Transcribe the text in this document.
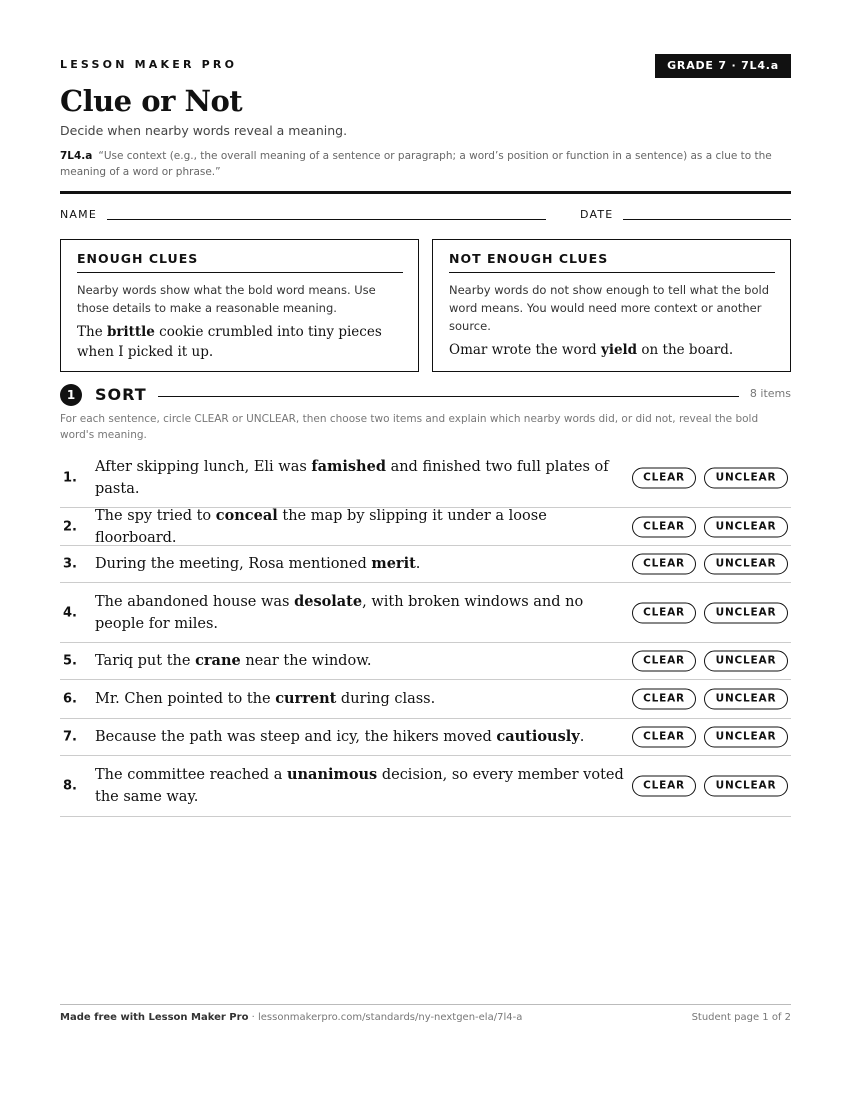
LESSON MAKER PRO	GRADE 7 · 7L4.a
Clue or Not
Decide when nearby words reveal a meaning.
7L4.a “Use context (e.g., the overall meaning of a sentence or paragraph; a word’s position or function in a sentence) as a clue to the meaning of a word or phrase.”
NAME	DATE
ENOUGH CLUES
Nearby words show what the bold word means. Use those details to make a reasonable meaning.
The brittle cookie crumbled into tiny pieces when I picked it up.
NOT ENOUGH CLUES
Nearby words do not show enough to tell what the bold word means. You would need more context or another source.
Omar wrote the word yield on the board.
1	SORT	8 items
For each sentence, circle CLEAR or UNCLEAR, then choose two items and explain which nearby words did, or did not, reveal the bold word's meaning.
1.
After skipping lunch, Eli was famished and finished two full plates of pasta.
CLEAR	UNCLEAR
2.
The spy tried to conceal the map by slipping it under a loose floorboard.
CLEAR	UNCLEAR
3. During the meeting, Rosa mentioned merit.	CLEAR	UNCLEAR
4.
The abandoned house was desolate, with broken windows and no people for miles.
CLEAR	UNCLEAR
5. Tariq put the crane near the window.	CLEAR	UNCLEAR
6. Mr. Chen pointed to the current during class.	CLEAR	UNCLEAR
7. Because the path was steep and icy, the hikers moved cautiously.	CLEAR	UNCLEAR
8.
The committee reached a unanimous decision, so every member voted the same way.
CLEAR	UNCLEAR
Made free with Lesson Maker Pro · lessonmakerpro.com/standards/ny-nextgen-ela/7l4-a	Student page 1 of 2
